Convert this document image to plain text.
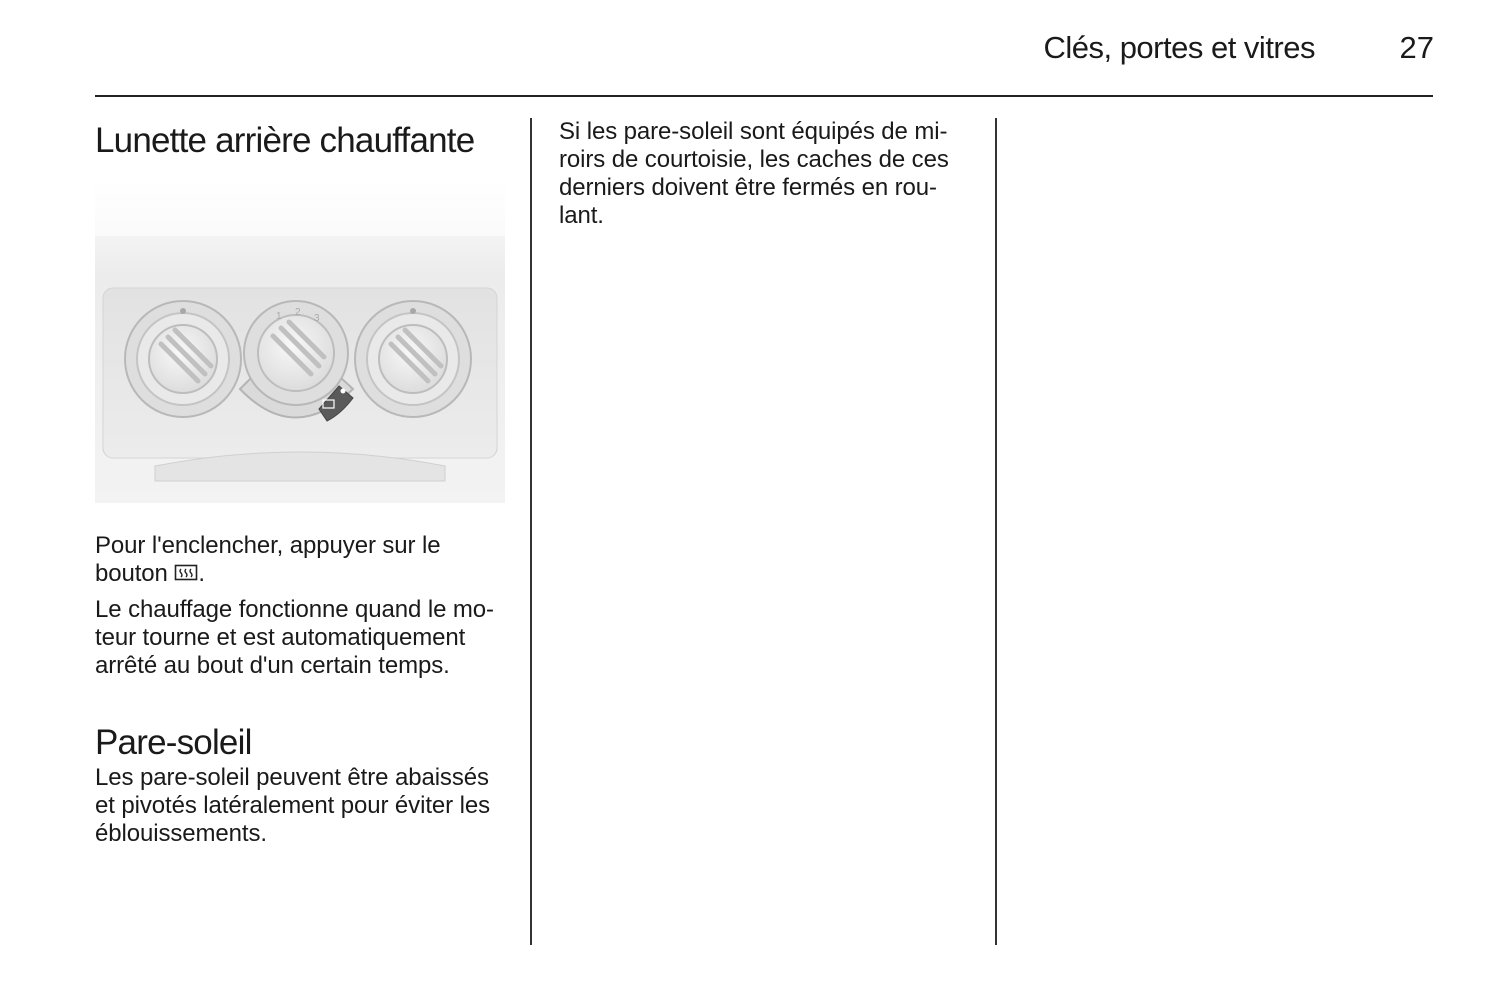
Clés, portes et vitres	27
Lunette arrière chauffante
1 2
3

Pour l'enclencher, appuyer sur le bouton .

Le chauffage fonctionne quand le mo-teur tourne et est automatiquement arrêté au bout d'un certain temps.

Pare-soleil

Les pare-soleil peuvent être abaissés et pivotés latéralement pour éviter les éblouissements.

Si les pare-soleil sont équipés de mi-roirs de courtoisie, les caches de ces derniers doivent être fermés en rou-lant.
